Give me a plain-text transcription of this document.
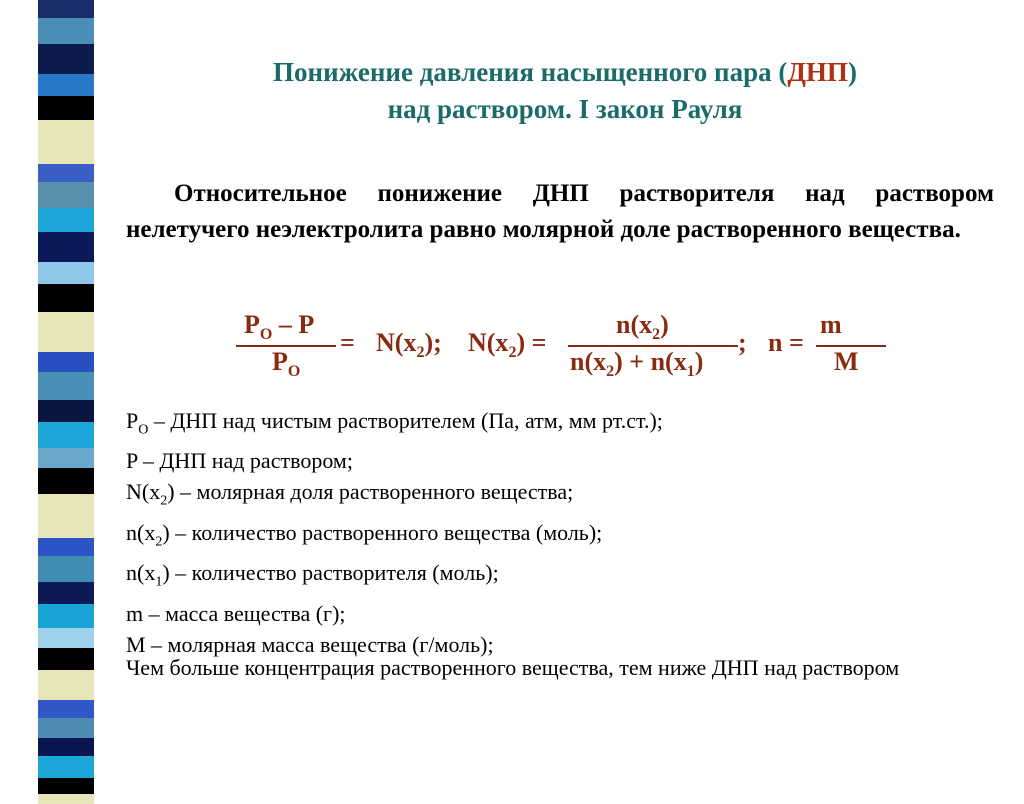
Понижение давления насыщенного пара (ДНП)
над раствором. I закон Рауля
Относительное понижение ДНП растворителя над раствором нелетучего неэлектролита равно молярной доле растворенного вещества.
$P_O$ – P
$P_O$
= $N(x_2)$; $N(x_2)$ =
$n(x_2)$
$n(x_2) + n(x_1)$
; n =
m
M
$P_O$ – ДНП над чистым растворителем (Па, атм, мм рт.ст.);
P – ДНП над раствором;
$N(x_2)$ – молярная доля растворенного вещества;
$n(x_2)$ – количество растворенного вещества (моль);
$n(x_1)$ – количество растворителя (моль);
m – масса вещества (г);
M – молярная масса вещества (г/моль);
Чем больше концентрация растворенного вещества, тем ниже ДНП над раствором
